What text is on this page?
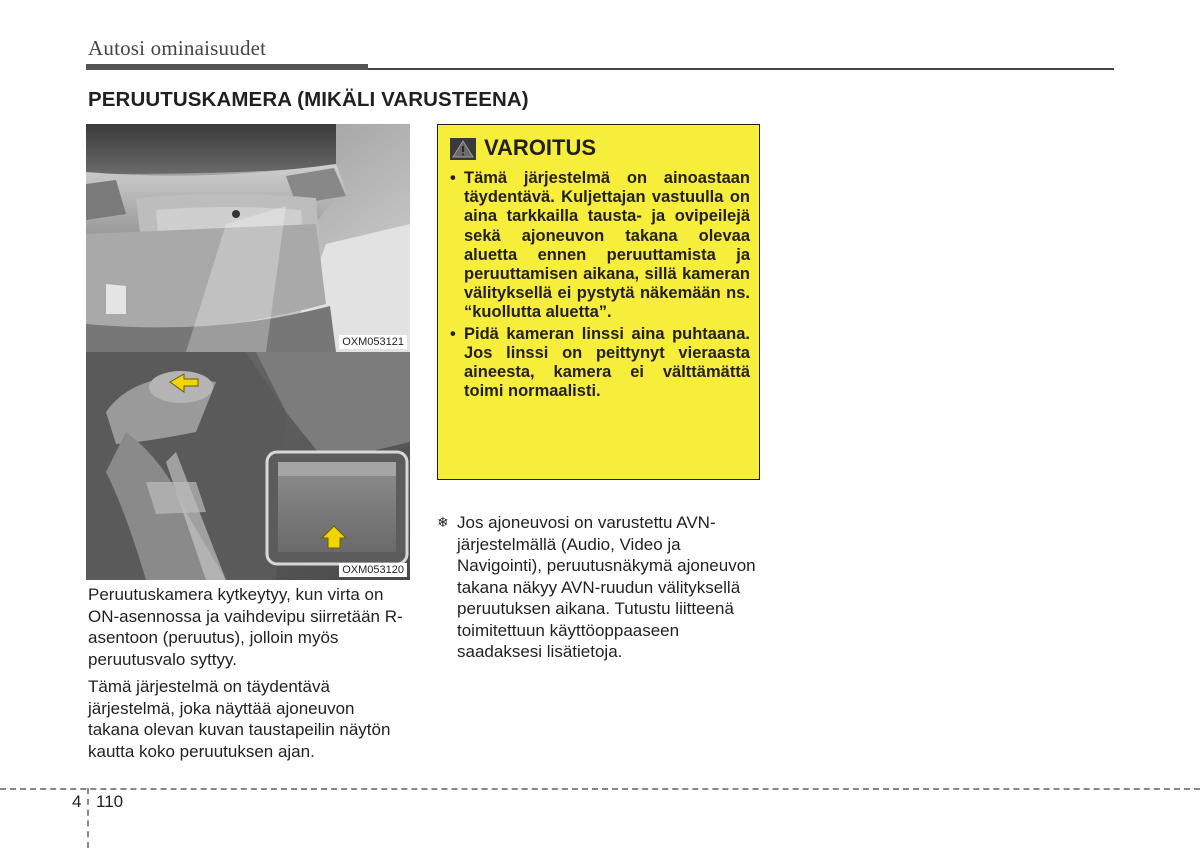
Autosi ominaisuudet
PERUUTUSKAMERA (MIKÄLI VARUSTEENA)
OXM053121
OXM053120
Peruutuskamera kytkeytyy, kun virta on ON-asennossa ja vaihdevipu siirretään R-asentoon (peruutus), jolloin myös peruutusvalo syttyy.
Tämä järjestelmä on täydentävä järjestelmä, joka näyttää ajoneuvon takana olevan kuvan taustapeilin näytön kautta koko peruutuksen ajan.
VAROITUS
• Tämä järjestelmä on ainoastaan täydentävä. Kuljettajan vastuulla on aina tarkkailla tausta- ja ovipeilejä sekä ajoneuvon takana olevaa aluetta ennen peruuttamista ja peruuttamisen aikana, sillä kameran välityksellä ei pystytä näkemään ns. “kuollutta aluetta”.
• Pidä kameran linssi aina puhtaana. Jos linssi on peittynyt vieraasta aineesta, kamera ei välttämättä toimi normaalisti.
❄ Jos ajoneuvosi on varustettu AVN-järjestelmällä (Audio, Video ja Navigointi), peruutusnäkymä ajoneuvon takana näkyy AVN-ruudun välityksellä peruutuksen aikana. Tutustu liitteenä toimitettuun käyttöoppaaseen saadaksesi lisätietoja.
4 110
